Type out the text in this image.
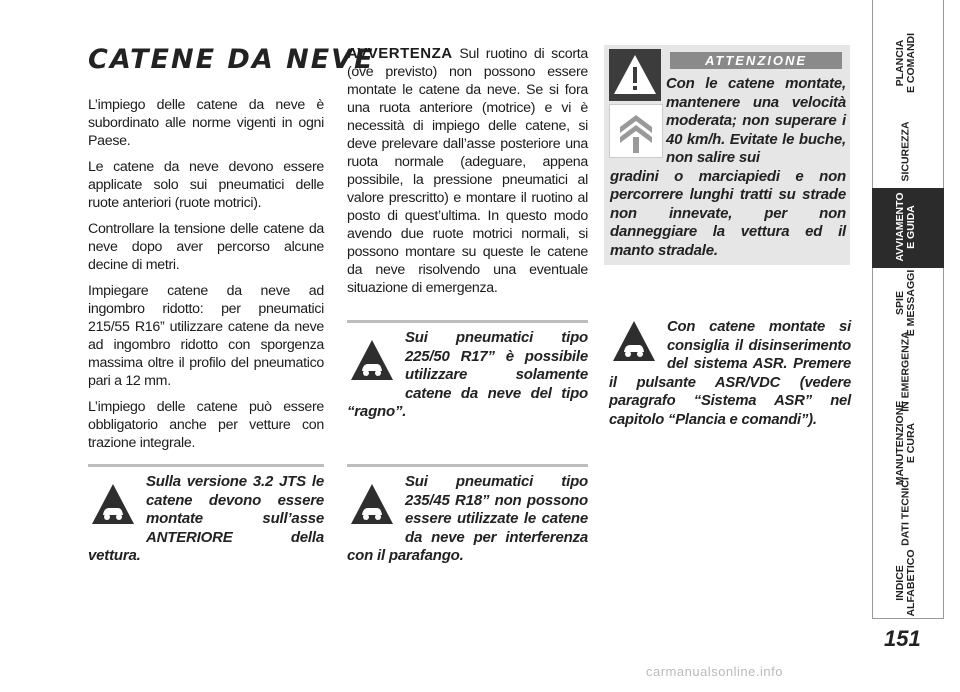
CATENE DA NEVE

L’impiego delle catene da neve è subordinato alle norme vigenti in ogni Paese.

Le catene da neve devono essere applicate solo sui pneumatici delle ruote anteriori (ruote motrici).

Controllare la tensione delle catene da neve dopo aver percorso alcune decine di metri.

Impiegare catene da neve ad ingombro ridotto: per pneumatici 215/55 R16” utilizzare catene da neve ad ingombro ridotto con sporgenza massima oltre il profilo del pneumatico pari a 12 mm.

L’impiego delle catene può essere obbligatorio anche per vetture con trazione integrale.

AVVERTENZA Sul ruotino di scorta (ove previsto) non possono essere montate le catene da neve. Se si fora una ruota anteriore (motrice) e vi è necessità di impiego delle catene, si deve prelevare dall’asse posteriore una ruota normale (adeguare, appena possibile, la pressione pneumatici al valore prescritto) e montare il ruotino al posto di quest’ultima. In questo modo avendo due ruote motrici normali, si possono montare su queste le catene da neve risolvendo una eventuale situazione di emergenza.

Sulla versione 3.2 JTS le catene devono essere montate sull’asse ANTERIORE della vettura.
Sui pneumatici tipo 225/50 R17” è possibile utilizzare solamente catene da neve del tipo “ragno”.
Sui pneumatici tipo 235/45 R18” non possono essere utilizzate le catene da neve per interferenza con il parafango.
ATTENZIONE
Con le catene montate, mantenere una velocità moderata; non superare i 40 km/h. Evitate le buche, non salire sui
gradini o marciapiedi e non percorrere lunghi tratti su strade non innevate, per non danneggiare la vettura ed il manto stradale.
Con catene montate si consiglia il disinserimento del sistema ASR. Premere il pulsante ASR/VDC (vedere paragrafo “Sistema ASR” nel capitolo “Plancia e comandi”).
PLANCIA
E COMANDI
SICUREZZA
AVVIAMENTO
E GUIDA
SPIE
E MESSAGGI
IN EMERGENZA
MANUTENZIONE
E CURA
DATI TECNICI
INDICE
ALFABETICO
151
carmanualsonline.info
